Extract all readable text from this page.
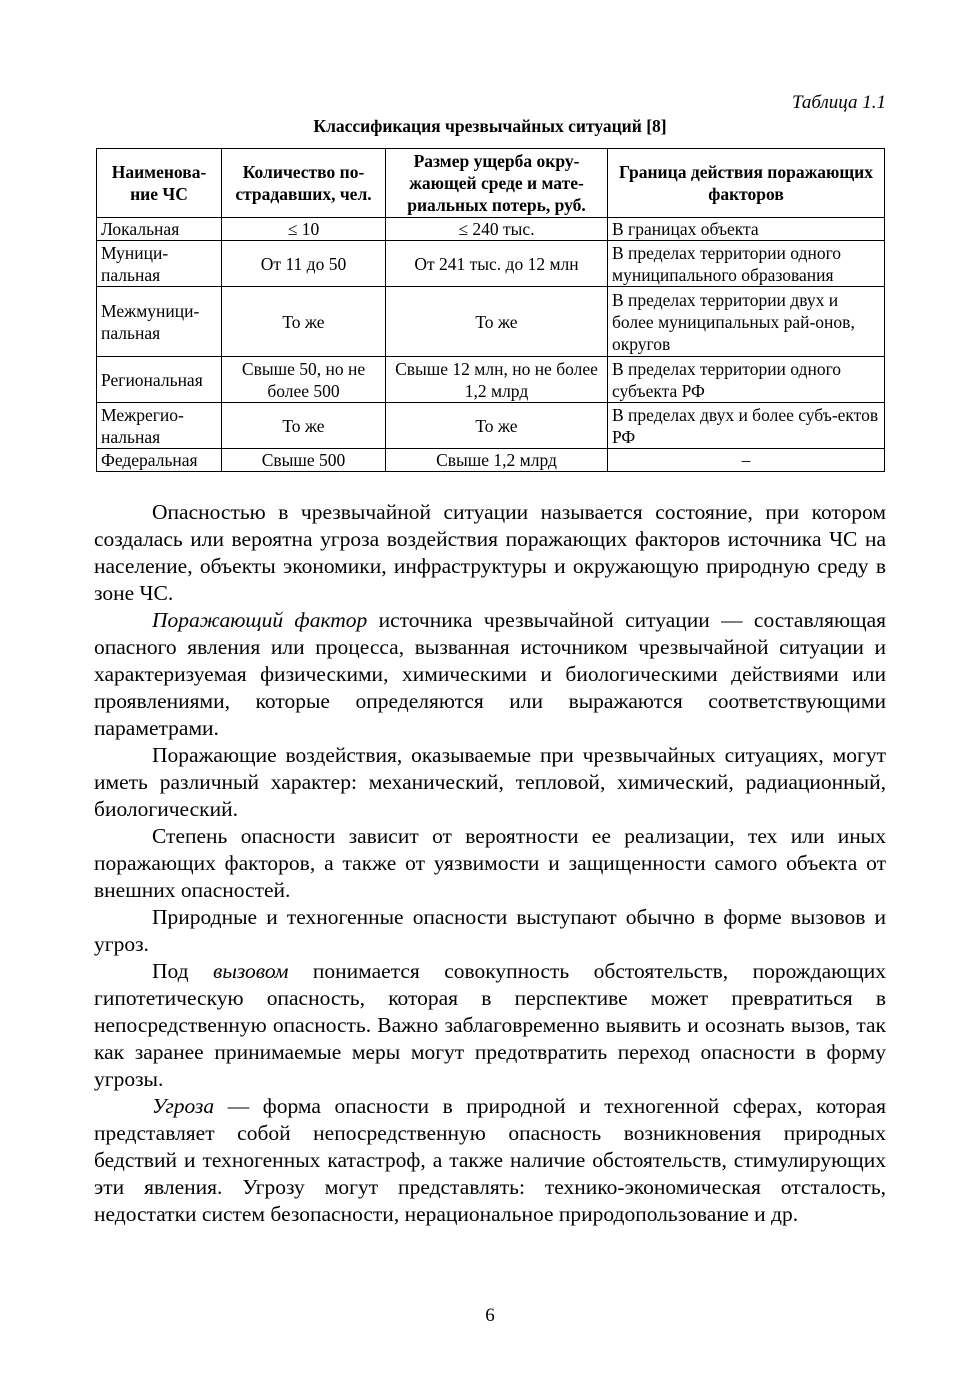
Таблица 1.1
Классификация чрезвычайных ситуаций [8]
Наименова-ние ЧС	Количество по-страдавших, чел.	Размер ущерба окру-жающей среде и мате-риальных потерь, руб.	Граница действия поражающих факторов
Локальная	≤ 10	≤ 240 тыс.	В границах объекта
Муници-пальная	От 11 до 50	От 241 тыс. до 12 млн	В пределах территории одного муниципального образования
Межмуници-пальная	То же	То же	В пределах территории двух и более муниципальных рай-онов, округов
Региональная	Свыше 50, но не более 500	Свыше 12 млн, но не более 1,2 млрд	В пределах территории одного субъекта РФ
Межрегио-нальная	То же	То же	В пределах двух и более субъ-ектов РФ
Федеральная	Свыше 500	Свыше 1,2 млрд	–

Опасностью в чрезвычайной ситуации называется состояние, при котором создалась или вероятна угроза воздействия поражающих факторов источника ЧС на население, объекты экономики, инфраструктуры и окружающую природную среду в зоне ЧС.

Поражающий фактор источника чрезвычайной ситуации — составляющая опасного явления или процесса, вызванная источником чрезвычайной ситуации и характеризуемая физическими, химическими и биологическими действиями или проявлениями, которые определяются или выражаются соответствующими параметрами.

Поражающие воздействия, оказываемые при чрезвычайных ситуациях, могут иметь различный характер: механический, тепловой, химический, радиационный, биологический.

Степень опасности зависит от вероятности ее реализации, тех или иных поражающих факторов, а также от уязвимости и защищенности самого объекта от внешних опасностей.

Природные и техногенные опасности выступают обычно в форме вызовов и угроз.

Под вызовом понимается совокупность обстоятельств, порождающих гипотетическую опасность, которая в перспективе может превратиться в непосредственную опасность. Важно заблаговременно выявить и осознать вызов, так как заранее принимаемые меры могут предотвратить переход опасности в форму угрозы.

Угроза — форма опасности в природной и техногенной сферах, которая представляет собой непосредственную опасность возникновения природных бедствий и техногенных катастроф, а также наличие обстоятельств, стимулирующих эти явления. Угрозу могут представлять: технико-экономическая отсталость, недостатки систем безопасности, нерациональное природопользование и др.

6
